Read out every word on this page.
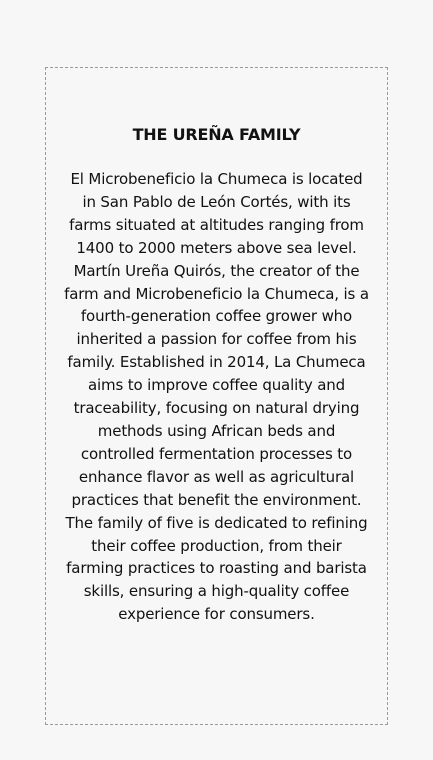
THE UREÑA FAMILY
El Microbeneficio la Chumeca is located in San Pablo de León Cortés, with its farms situated at altitudes ranging from 1400 to 2000 meters above sea level. Martín Ureña Quirós, the creator of the farm and Microbeneficio la Chumeca, is a fourth-generation coffee grower who inherited a passion for coffee from his family. Established in 2014, La Chumeca aims to improve coffee quality and traceability, focusing on natural drying methods using African beds and controlled fermentation processes to enhance flavor as well as agricultural practices that benefit the environment. The family of five is dedicated to refining their coffee production, from their farming practices to roasting and barista skills, ensuring a high-quality coffee experience for consumers.
